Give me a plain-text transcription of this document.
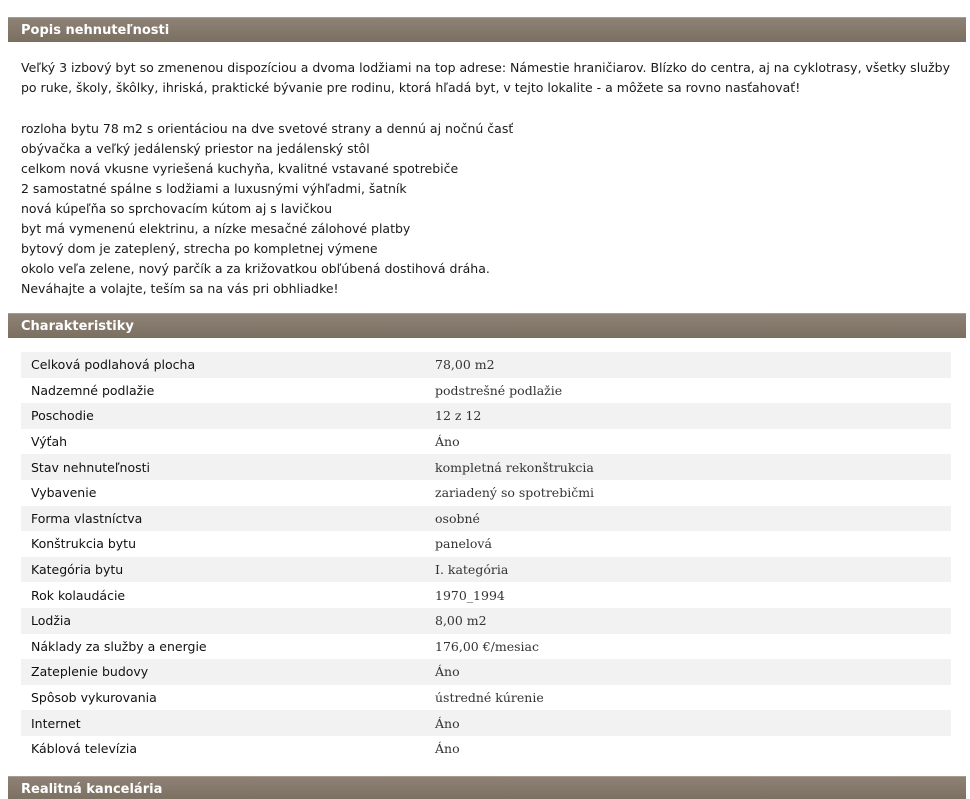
Popis nehnuteľnosti
Veľký 3 izbový byt so zmenenou dispozíciou a dvoma lodžiami na top adrese: Námestie hraničiarov. Blízko do centra, aj na cyklotrasy, všetky služby po ruke, školy, škôlky, ihriská, praktické bývanie pre rodinu, ktorá hľadá byt, v tejto lokalite - a môžete sa rovno nasťahovať!
rozloha bytu 78 m2 s orientáciou na dve svetové strany a dennú aj nočnú časť
obývačka a veľký jedálenský priestor na jedálenský stôl
celkom nová vkusne vyriešená kuchyňa, kvalitné vstavané spotrebiče
2 samostatné spálne s lodžiami a luxusnými výhľadmi, šatník
nová kúpeľňa so sprchovacím kútom aj s lavičkou
byt má vymenenú elektrinu, a nízke mesačné zálohové platby
bytový dom je zateplený, strecha po kompletnej výmene
okolo veľa zelene, nový parčík a za križovatkou obľúbená dostihová dráha.
Neváhajte a volajte, teším sa na vás pri obhliadke!
Charakteristiky
Celková podlahová plocha	78,00 m2
Nadzemné podlažie	podstrešné podlažie
Poschodie	12 z 12
Výťah	Áno
Stav nehnuteľnosti	kompletná rekonštrukcia
Vybavenie	zariadený so spotrebičmi
Forma vlastníctva	osobné
Konštrukcia bytu	panelová
Kategória bytu	I. kategória
Rok kolaudácie	1970_1994
Lodžia	8,00 m2
Náklady za služby a energie	176,00 €/mesiac
Zateplenie budovy	Áno
Spôsob vykurovania	ústredné kúrenie
Internet	Áno
Káblová televízia	Áno
Realitná kancelária
